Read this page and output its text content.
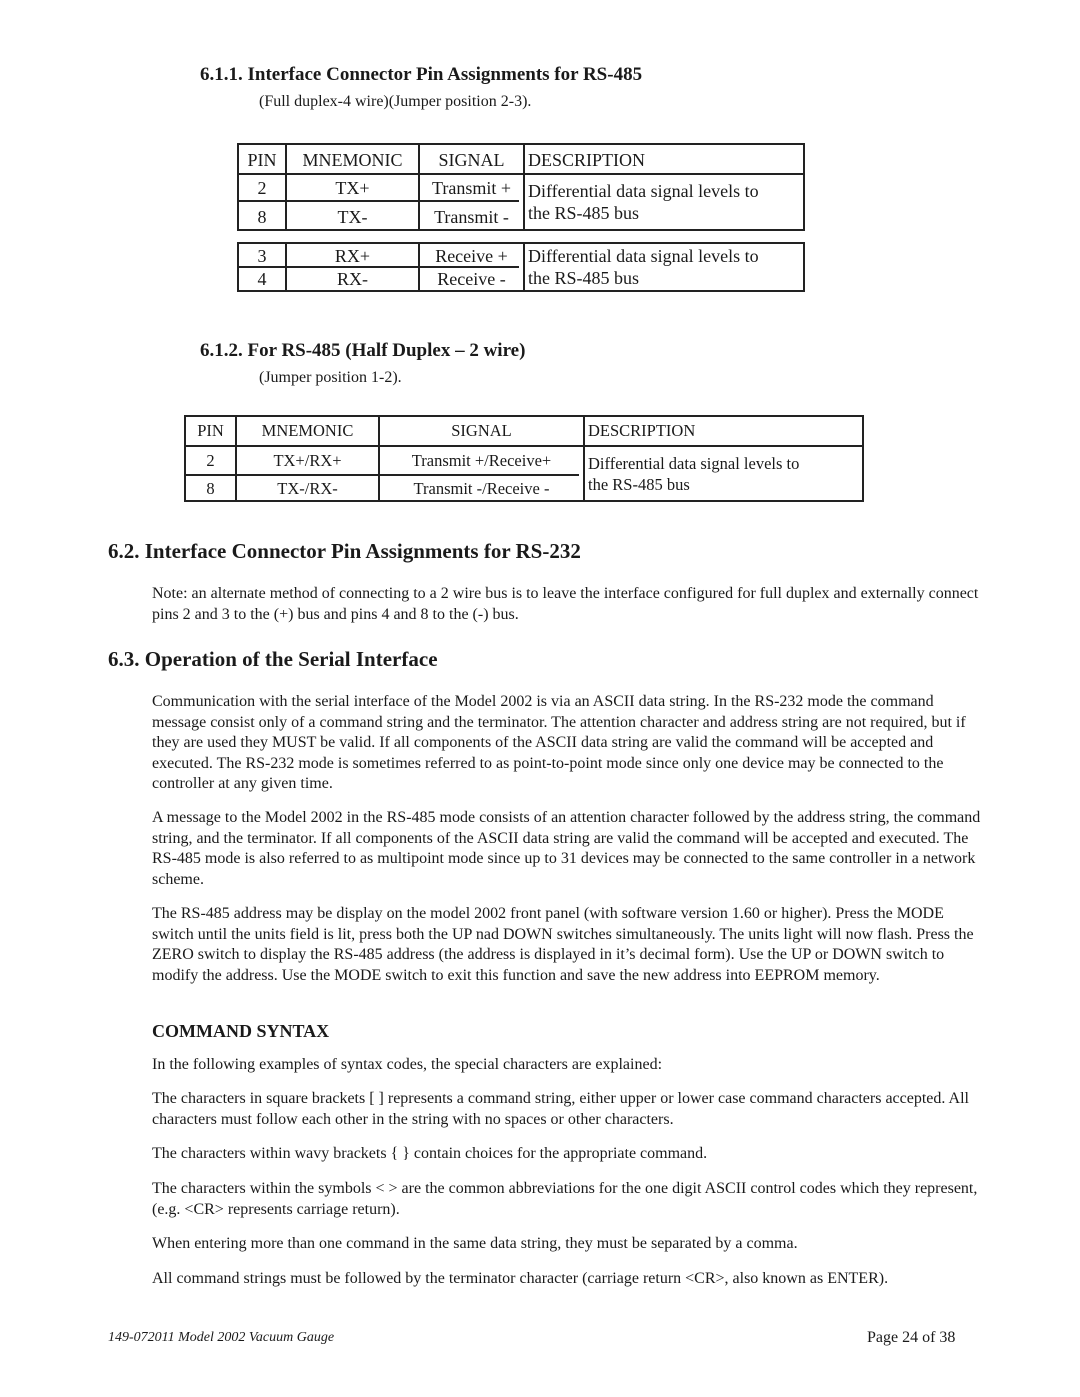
6.1.1. Interface Connector Pin Assignments for RS-485
(Full duplex-4 wire)(Jumper position 2-3).
PIN	MNEMONIC	SIGNAL	DESCRIPTION
2	TX+	Transmit +
8	TX-	Transmit -
Differential data signal levels to
the RS-485 bus
3	RX+	Receive +
4	RX-	Receive -
Differential data signal levels to
the RS-485 bus
6.1.2. For RS-485 (Half Duplex – 2 wire)
(Jumper position 1-2).
PIN	MNEMONIC	SIGNAL	DESCRIPTION
2	TX+/RX+	Transmit +/Receive+
8	TX-/RX-	Transmit -/Receive -
Differential data signal levels to
the RS-485 bus
6.2. Interface Connector Pin Assignments for RS-232
Note: an alternate method of connecting to a 2 wire bus is to leave the interface configured for full duplex and externally connect pins 2 and 3 to the (+) bus and pins 4 and 8 to the (-) bus.
6.3. Operation of the Serial Interface
Communication with the serial interface of the Model 2002 is via an ASCII data string. In the RS-232 mode the command message consist only of a command string and the terminator. The attention character and address string are not required, but if they are used they MUST be valid. If all components of the ASCII data string are valid the command will be accepted and executed. The RS-232 mode is sometimes referred to as point-to-point mode since only one device may be connected to the controller at any given time.
A message to the Model 2002 in the RS-485 mode consists of an attention character followed by the address string, the command string, and the terminator. If all components of the ASCII data string are valid the command will be accepted and executed. The RS-485 mode is also referred to as multipoint mode since up to 31 devices may be connected to the same controller in a network scheme.
The RS-485 address may be display on the model 2002 front panel (with software version 1.60 or higher). Press the MODE switch until the units field is lit, press both the UP nad DOWN switches simultaneously. The units light will now flash. Press the ZERO switch to display the RS-485 address (the address is displayed in it’s decimal form). Use the UP or DOWN switch to modify the address. Use the MODE switch to exit this function and save the new address into EEPROM memory.
COMMAND SYNTAX
In the following examples of syntax codes, the special characters are explained:
The characters in square brackets [ ] represents a command string, either upper or lower case command characters accepted. All characters must follow each other in the string with no spaces or other characters.
The characters within wavy brackets { } contain choices for the appropriate command.
The characters within the symbols < > are the common abbreviations for the one digit ASCII control codes which they represent, (e.g. <CR> represents carriage return).
When entering more than one command in the same data string, they must be separated by a comma.
All command strings must be followed by the terminator character (carriage return <CR>, also known as ENTER).
149-072011 Model 2002 Vacuum Gauge	Page 24 of 38
